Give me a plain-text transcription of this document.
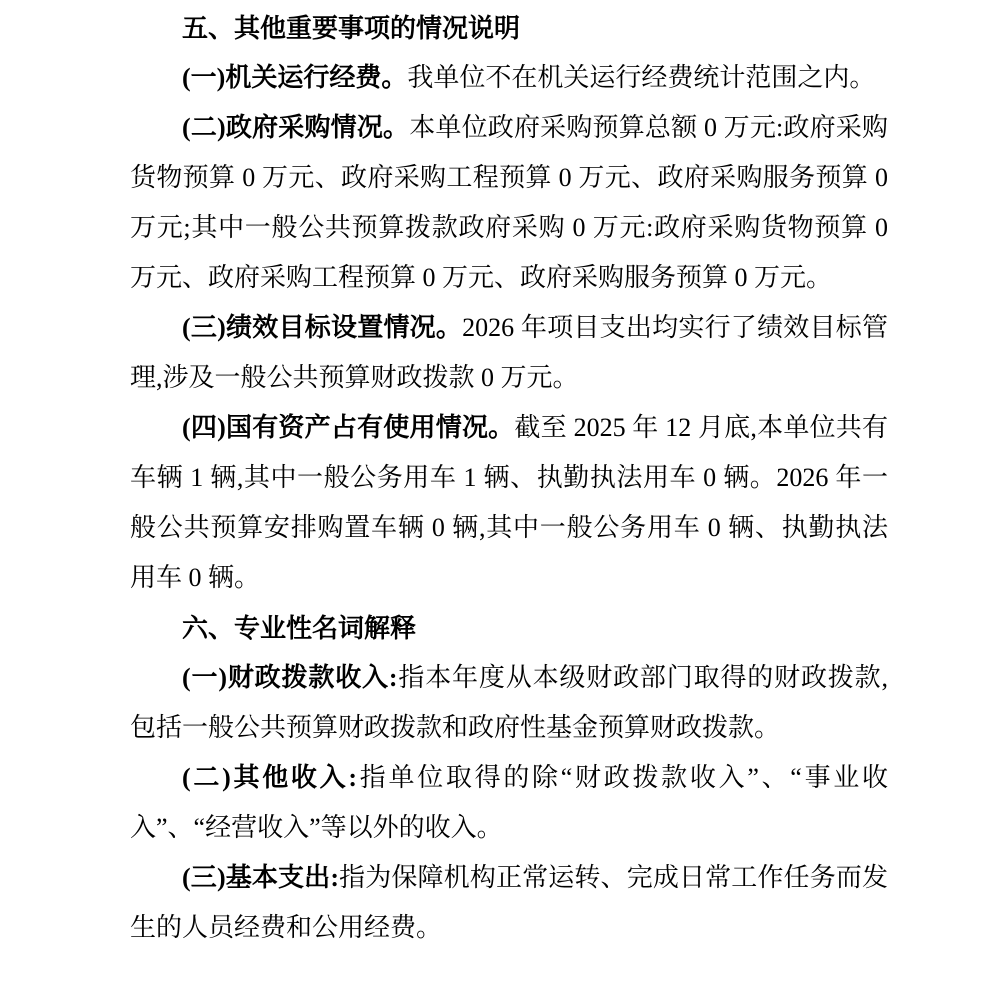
五、其他重要事项的情况说明

(一)机关运行经费。我单位不在机关运行经费统计范围之内。

(二)政府采购情况。本单位政府采购预算总额 0 万元:政府采购货物预算 0 万元、政府采购工程预算 0 万元、政府采购服务预算 0 万元;其中一般公共预算拨款政府采购 0 万元:政府采购货物预算 0 万元、政府采购工程预算 0 万元、政府采购服务预算 0 万元。

(三)绩效目标设置情况。2026 年项目支出均实行了绩效目标管理,涉及一般公共预算财政拨款 0 万元。

(四)国有资产占有使用情况。截至 2025 年 12 月底,本单位共有车辆 1 辆,其中一般公务用车 1 辆、执勤执法用车 0 辆。2026 年一般公共预算安排购置车辆 0 辆,其中一般公务用车 0 辆、执勤执法用车 0 辆。

六、专业性名词解释

(一)财政拨款收入:指本年度从本级财政部门取得的财政拨款,包括一般公共预算财政拨款和政府性基金预算财政拨款。

(二)其他收入:指单位取得的除“财政拨款收入”、“事业收入”、“经营收入”等以外的收入。

(三)基本支出:指为保障机构正常运转、完成日常工作任务而发生的人员经费和公用经费。
